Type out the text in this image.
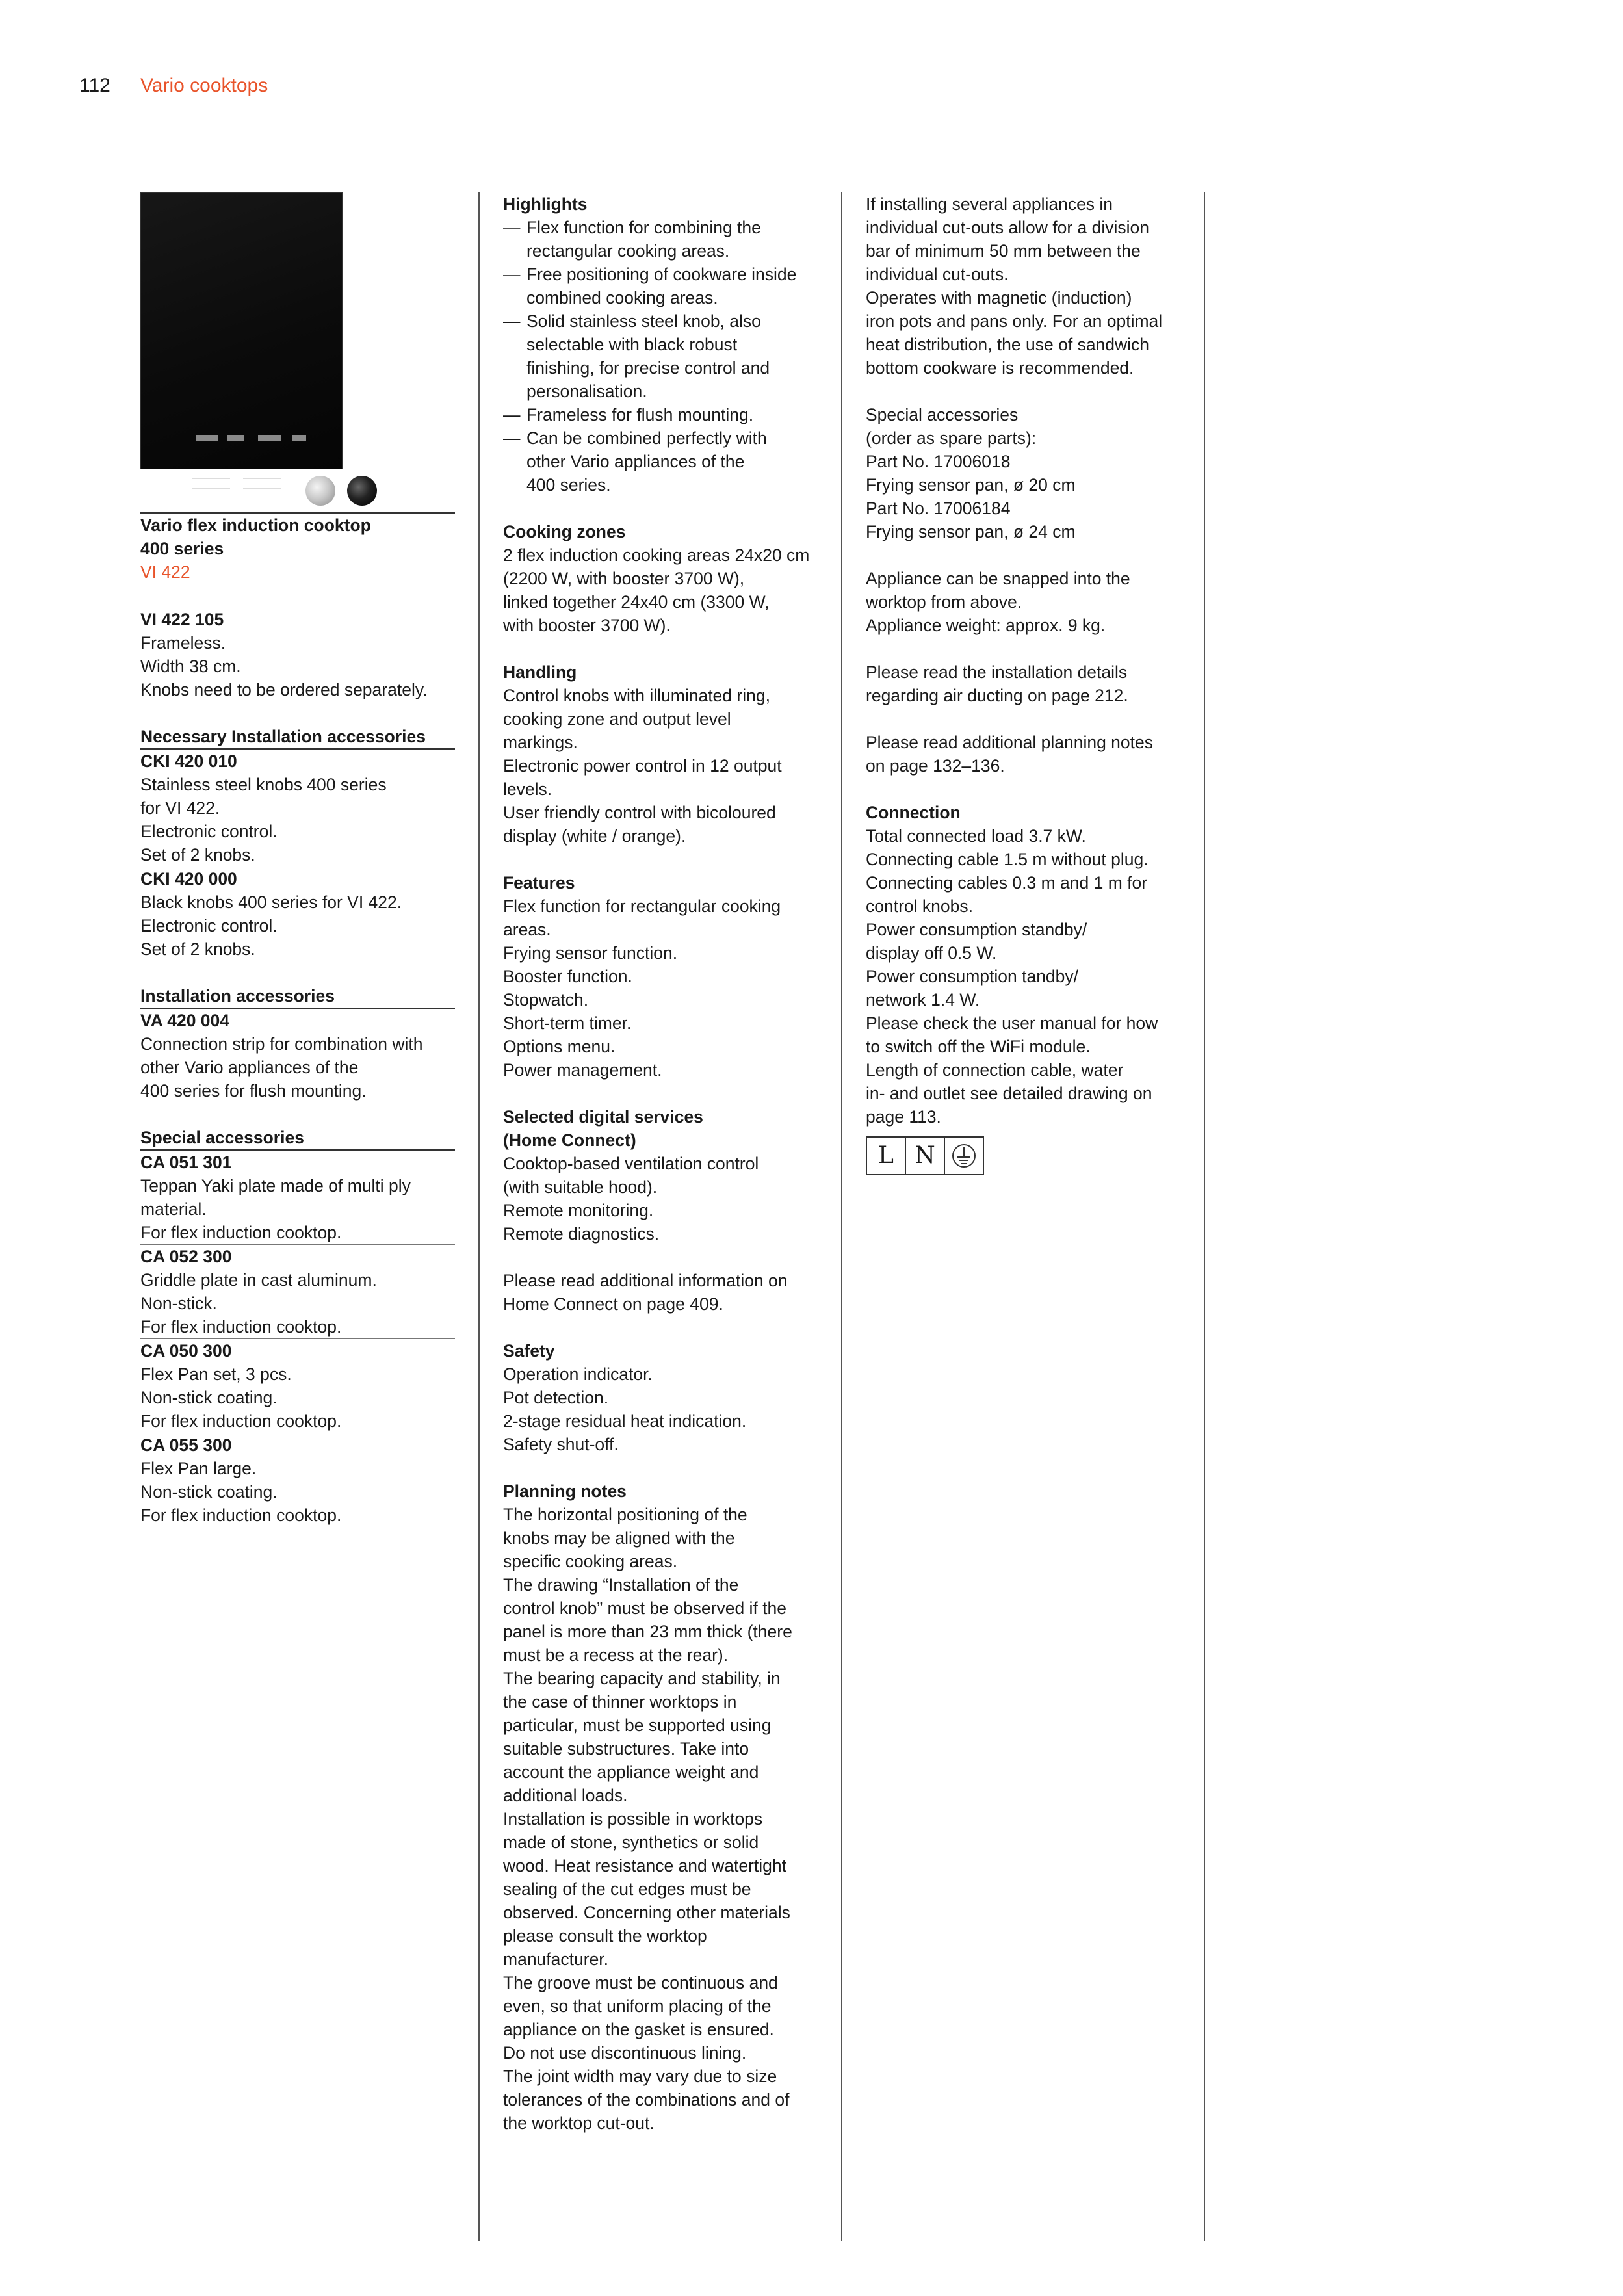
112 Vario cooktops
Vario flex induction cooktop
400 series
VI 422
VI 422 105
Frameless.
Width 38 cm.
Knobs need to be ordered separately.
Necessary Installation accessories
CKI 420 010
Stainless steel knobs 400 series
for VI 422.
Electronic control.
Set of 2 knobs.
CKI 420 000
Black knobs 400 series for VI 422.
Electronic control.
Set of 2 knobs.
Installation accessories
VA 420 004
Connection strip for combination with
other Vario appliances of the
400 series for flush mounting.
Special accessories
CA 051 301
Teppan Yaki plate made of multi ply
material.
For flex induction cooktop.
CA 052 300
Griddle plate in cast aluminum.
Non-stick.
For flex induction cooktop.
CA 050 300
Flex Pan set, 3 pcs.
Non-stick coating.
For flex induction cooktop.
CA 055 300
Flex Pan large.
Non-stick coating.
For flex induction cooktop.
Highlights
— Flex function for combining the
rectangular cooking areas.
— Free positioning of cookware inside
combined cooking areas.
— Solid stainless steel knob, also
selectable with black robust
finishing, for precise control and
personalisation.
— Frameless for flush mounting.
— Can be combined perfectly with
other Vario appliances of the
400 series.
Cooking zones
2 flex induction cooking areas 24x20 cm
(2200 W, with booster 3700 W),
linked together 24x40 cm (3300 W,
with booster 3700 W).
Handling
Control knobs with illuminated ring,
cooking zone and output level
markings.
Electronic power control in 12 output
levels.
User friendly control with bicoloured
display (white / orange).
Features
Flex function for rectangular cooking
areas.
Frying sensor function.
Booster function.
Stopwatch.
Short-term timer.
Options menu.
Power management.
Selected digital services
(Home Connect)
Cooktop-based ventilation control
(with suitable hood).
Remote monitoring.
Remote diagnostics.
Please read additional information on
Home Connect on page 409.
Safety
Operation indicator.
Pot detection.
2-stage residual heat indication.
Safety shut-off.
Planning notes
The horizontal positioning of the
knobs may be aligned with the
specific cooking areas.
The drawing “Installation of the
control knob” must be observed if the
panel is more than 23 mm thick (there
must be a recess at the rear).
The bearing capacity and stability, in
the case of thinner worktops in
particular, must be supported using
suitable substructures. Take into
account the appliance weight and
additional loads.
Installation is possible in worktops
made of stone, synthetics or solid
wood. Heat resistance and watertight
sealing of the cut edges must be
observed. Concerning other materials
please consult the worktop
manufacturer.
The groove must be continuous and
even, so that uniform placing of the
appliance on the gasket is ensured.
Do not use discontinuous lining.
The joint width may vary due to size
tolerances of the combinations and of
the worktop cut-out.
If installing several appliances in
individual cut-outs allow for a division
bar of minimum 50 mm between the
individual cut-outs.
Operates with magnetic (induction)
iron pots and pans only. For an optimal
heat distribution, the use of sandwich
bottom cookware is recommended.
Special accessories
(order as spare parts):
Part No. 17006018
Frying sensor pan, ø 20 cm
Part No. 17006184
Frying sensor pan, ø 24 cm
Appliance can be snapped into the
worktop from above.
Appliance weight: approx. 9 kg.
Please read the installation details
regarding air ducting on page 212.
Please read additional planning notes
on page 132–136.
Connection
Total connected load 3.7 kW.
Connecting cable 1.5 m without plug.
Connecting cables 0.3 m and 1 m for
control knobs.
Power consumption standby/
display off 0.5 W.
Power consumption tandby/
network 1.4 W.
Please check the user manual for how
to switch off the WiFi module.
Length of connection cable, water
in- and outlet see detailed drawing on
page 113.
L N
